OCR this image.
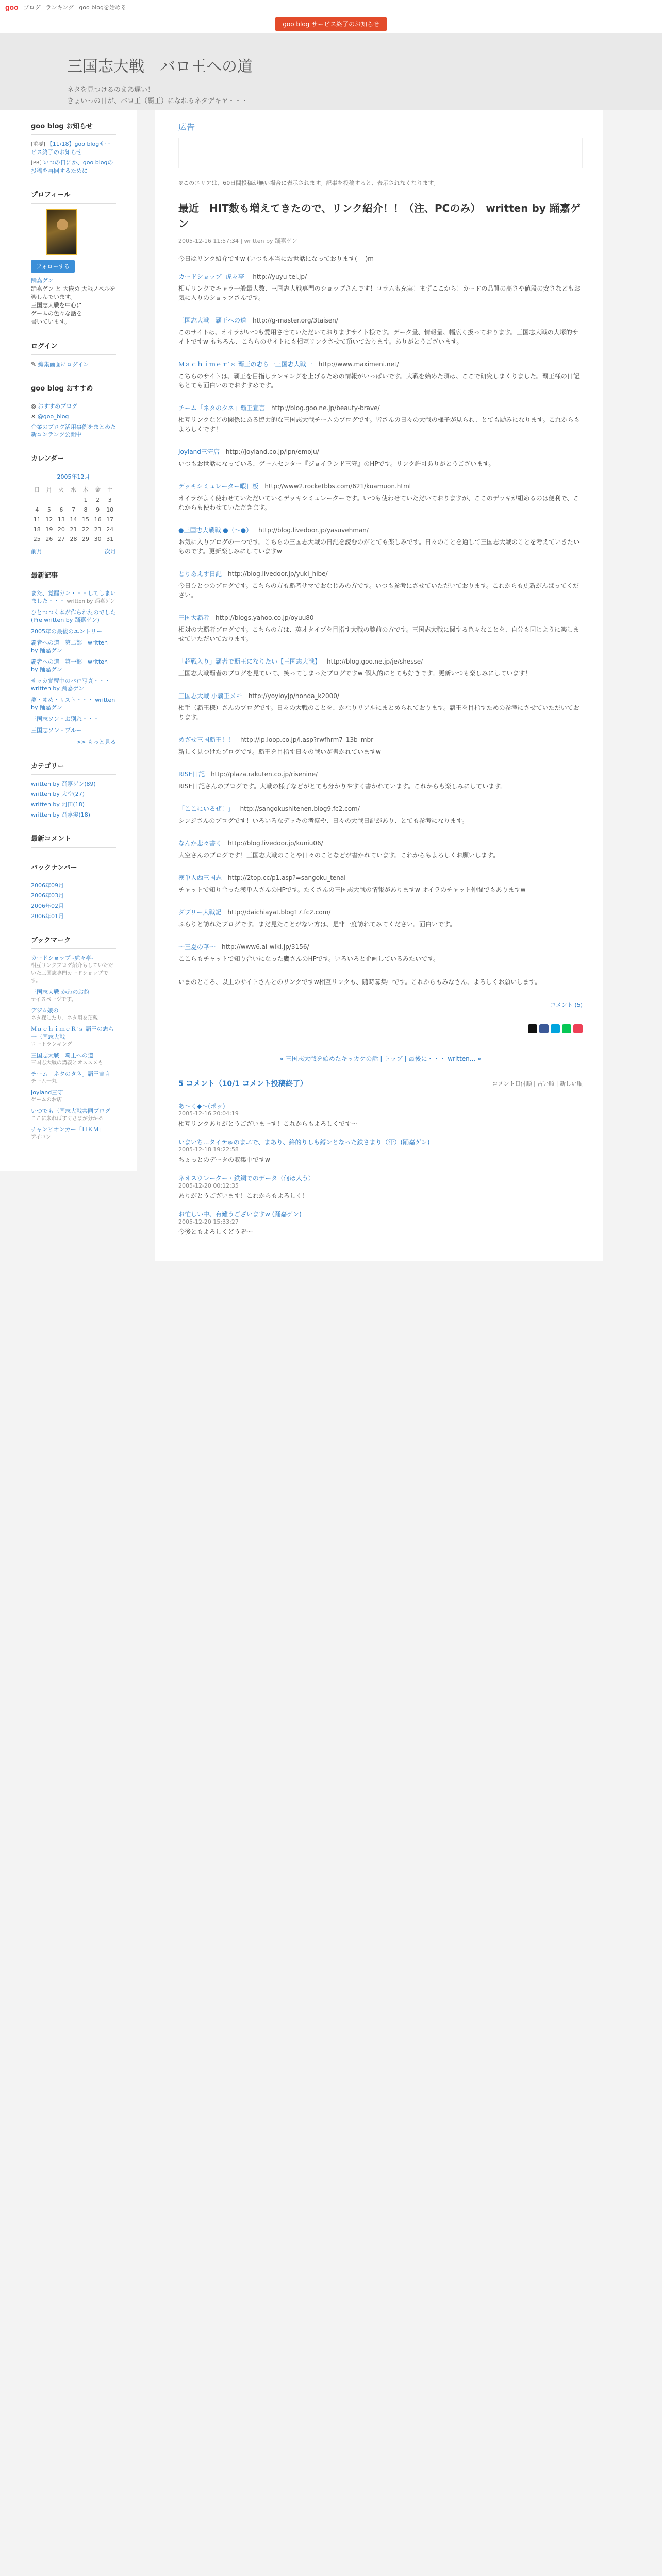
goo ブログ ランキング goo blogを始める
goo blog サービス終了のお知らせ
三国志大戦　バロ王への道
ネタを見つけるのまあ遅い！
きょいっの日が、バロ王（覇王）になれるネタデキヤ・・・
goo blog お知らせ
[重要] 【11/18】goo blogサービス終了のお知らせ
[PR] いつの日にか、goo blogの投稿を再開するために
プロフィール
フォローする
踊嘉ゲン
踊嘉ゲン と 大嵌め 大戦ノベルを楽しんでいます。
三国志大戦を中心に
ゲームの色々な話を
書いています。
ログイン
✎ 編集画面にログイン
goo blog おすすめ
◎ おすすめブログ
✕ @goo_blog
企業のブログ活用事例をまとめた新コンテンツ公開中
カレンダー
2005年12月
日	月	火	水	木	金	土
				1	2	3
4	5	6	7	8	9	10
11	12	13	14	15	16	17
18	19	20	21	22	23	24
25	26	27	28	29	30	31
前月	次月
最新記事
また、覚醒ガン・・・してしまいました・・・ written by 踊嘉ゲン
ひとつつく本が作られたのでした (Pre written by 踊嘉ゲン)
2005年の最後のエントリー
覇者への道　第二部　written by 踊嘉ゲン
覇者への道　第一部　written by 踊嘉ゲン
サッカ覚醒中のバロ写真・・・ written by 踊嘉ゲン
夢・ゆめ・リスト・・・ written by 踊嘉ゲン
三国志ソン・お別れ・・・
三国志ソン・ブルー
>> もっと見る
カテゴリー
written by 踊嘉ゲン(89)
written by 大空(27)
written by 阿田(18)
written by 踊嘉実(18)
最新コメント
バックナンバー
2006年09月
2006年03月
2006年02月
2006年01月
ブックマーク
カードショップ -虎々亭-
相互リンクブログ紹介もしていただいた三国志専門カードショップです。
三国志大戦 かわのお館
ナイスページです。
デジ☆娘の
ネタ探したり、ネタ用を頂戴
ＭａｃｈｉｍｅＲ’ｓ 覇王の志ら一三国志大戦
ロートランキング
三国志大戦　覇王への道
三国志大戦の講義とオススメも
チーム「ネタのタネ」覇王宣言
チーム一丸！
Joyland三守
ゲームのお店
いつでも三国志大戦共同ブログ
ここに来ればすぐさまが分かる
チャンピオンカー「ＨＫＭ」
アイコン
広告
※このエリアは、60日間投稿が無い場合に表示されます。記事を投稿すると、表示されなくなります。
最近　HIT数も増えてきたので、リンク紹介！！（注、PCのみ）　written by 踊嘉ゲン
2005-12-16 11:57:34 | written by 踊嘉ゲン
今日はリンク紹介ですw (いつも本当にお世話になっております(_ _)m
カードショップ -虎々亭- http://yuyu-tei.jp/
相互リンクでキャラ一般最大数、三国志大戦専門のショップさんです！コラムも充実！まずここから！カードの品質の高さや値段の安さなどもお気に入りのショップさんです。
三国志大戦　覇王への道 http://g-master.org/3taisen/
このサイトは、オイラがいつも愛用させていただいておりますサイト様です。データ量、情報量、幅広く扱っております。三国志大戦の大塚的サイトですw もちろん、こちらのサイトにも相互リンクさせて頂いております。ありがとうございます。
Ｍａｃｈｉｍｅｒ’ｓ 覇王の志ら一三国志大戦一 http://www.maximeni.net/
こちらのサイトは、覇王を目指しランキングを上げるための情報がいっぱいです。大戦を始めた頃は、ここで研究しまくりました。覇王様の日記もとても面白いのでおすすめです。
チーム「ネタのタネ」覇王宣言 http://blog.goo.ne.jp/beauty-brave/
相互リンクなどの関係にある協力的な三国志大戦チームのブログです。皆さんの日々の大戦の様子が見られ、とても励みになります。これからもよろしくです！
Joyland三守店 http://joyland.co.jp/lpn/emoju/
いつもお世話になっている、ゲームセンター『ジョイランド三守』のHPです。リンク許可ありがとうございます。
デッキシミュレーター暇日板 http://www2.rocketbbs.com/621/kuamuon.html
オイラがよく使わせていただいているデッキシミュレーターです。いつも使わせていただいておりますが、ここのデッキが組めるのは便利で、これからも使わせていただきます。
●三国志大戦戦 ●（～●） http://blog.livedoor.jp/yasuvehman/
お気に入りブログの一つです。こちらの三国志大戦の日記を読むのがとても楽しみです。日々のことを通して三国志大戦のことを考えていきたいものです。更新楽しみにしていますw
とりあえず日記 http://blog.livedoor.jp/yuki_hibe/
今日ひとつのブログです。こちらの方も覇者サマでおなじみの方です。いつも参考にさせていただいております。これからも更新がんばってください。
三国大覇者 http://blogs.yahoo.co.jp/oyuu80
相対の大覇者ブログです。こちらの方は、英才タイプを目指す大戦の腕前の方です。三国志大戦に関する色々なことを、自分も同じように楽しませていただいております。
「超戦入り」覇者で覇王になりたい【三国志大戦】 http://blog.goo.ne.jp/je/shesse/
三国志大戦覇者のブログを見ていて、笑ってしまったブログですw 個人的にとても好きです。更新いつも楽しみにしています！
三国志大戦 小覇王メモ http://yoyloyjp/honda_k2000/
相手（覇王様）さんのブログです。日々の大戦のことを、かなりリアルにまとめられております。覇王を目指すための参考にさせていただいております。
めざせ三国覇王！！ http://ip.loop.co.jp/l.asp?rwfhrm7_13b_mbr
新しく見つけたブログです。覇王を目指す日々の戦いが書かれていますw
RISE日記 http://plaza.rakuten.co.jp/risenine/
RISE日記さんのブログです。大戦の様子などがとても分かりやすく書かれています。これからも楽しみにしています。
「ここにいるぜ！」 http://sangokushitenen.blog9.fc2.com/
シンジさんのブログです！いろいろなデッキの考察や、日々の大戦日記があり、とても参考になります。
なんか悲々書く http://blog.livedoor.jp/kuniu06/
大空さんのブログです！三国志大戦のことや日々のことなどが書かれています。これからもよろしくお願いします。
漢単人西三国志 http://2top.cc/p1.asp?=sangoku_tenai
チャットで知り合った漢単人さんのHPです。たくさんの三国志大戦の情報がありますw オイラのチャット仲間でもありますw
ダブリー大戦記 http://daichiayat.blog17.fc2.com/
ふらりと訪れたブログです。まだ見たことがない方は、是非一度訪れてみてください。面白いです。
〜三夏の華〜 http://www6.ai-wiki.jp/3156/
ここらもチャットで知り合いになった鷹さんのHPです。いろいろと企画しているみたいです。
いまのところ、以上のサイトさんとのリンクですw相互リンクも、随時募集中です。これからもみなさん、よろしくお願いします。
コメント (5)
« 三国志大戦を始めたキッカケの話 | トップ | 最後に・・・ written... »
5 コメント（10/1 コメント投稿終了）	コメント日付順 | 古い順 | 新しい順
あ〜く◆〜(ポッ)
2005-12-16 20:04:19
相互リンクありがとうございまーす！これからもよろしくです〜
いまいち...タイテゅのまエで、まあり、絡的りしも縛ンとなった鉄さまり（汗）(踊嘉ゲン)
2005-12-18 19:22:58
ちょっとのデータの収集中ですw
ネオスウレーター・鉄鋼でのデータ（何ほ人う）
2005-12-20 00:12:35
ありがとうございます！これからもよろしく！
お忙しい中、有難うございますw (踊嘉ゲン)
2005-12-20 15:33:27
今後ともよろしくどうぞ〜
